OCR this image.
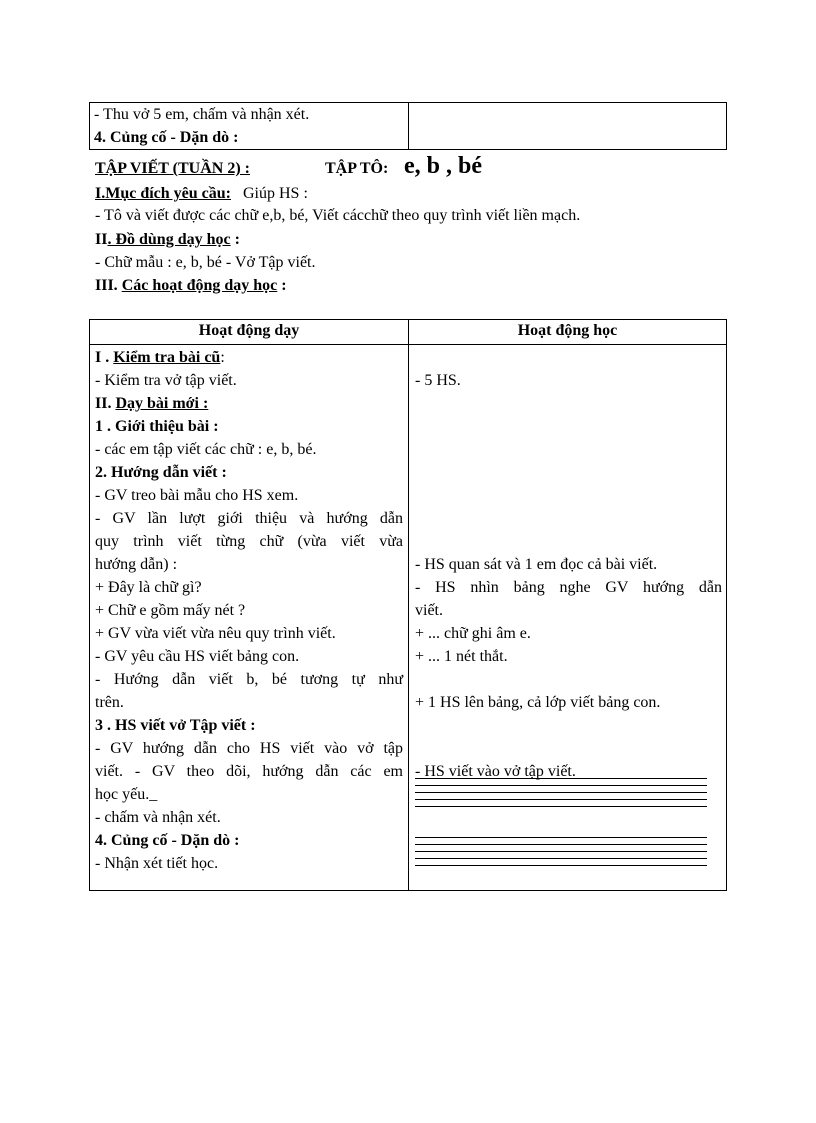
- Thu vở 5 em, chấm và nhận xét.
4. Củng cố - Dặn dò :
TẬP VIẾT (TUẦN 2) :	TẬP TÔ: e, b , bé
I.Mục đích yêu cầu: Giúp HS :
- Tô và viết được các chữ e,b, bé, Viết cácchữ theo quy trình viết liền mạch.
II. Đồ dùng dạy học :
- Chữ mẫu : e, b, bé - Vở Tập viết.
III. Các hoạt động dạy học :
Hoạt động dạy	Hoạt động học
I . Kiểm tra bài cũ:
- Kiểm tra vở tập viết.
II. Dạy bài mới :
1 . Giới thiệu bài :
- các em tập viết các chữ : e, b, bé.
2. Hướng dẫn viết :
- GV treo bài mẫu cho HS xem.
- GV lần lượt giới thiệu và hướng dẫn
quy trình viết từng chữ (vừa viết vừa
hướng dẫn) :
+ Đây là chữ gì?
+ Chữ e gồm mấy nét ?
+ GV vừa viết vừa nêu quy trình viết.
- GV yêu cầu HS viết bảng con.
- Hướng dẫn viết b, bé tương tự như
trên.
3 . HS viết vở Tập viết :
- GV hướng dẫn cho HS viết vào vở tập
viết. - GV theo dõi, hướng dẫn các em
học yếu._
- chấm và nhận xét.
4. Củng cố - Dặn dò :
- Nhận xét tiết học.
- 5 HS.
- HS quan sát và 1 em đọc cả bài viết.
- HS nhìn bảng nghe GV hướng dẫn
viết.
+ ... chữ ghi âm e.
+ ... 1 nét thắt.
+ 1 HS lên bảng, cả lớp viết bảng con.
- HS viết vào vở tập viết.
